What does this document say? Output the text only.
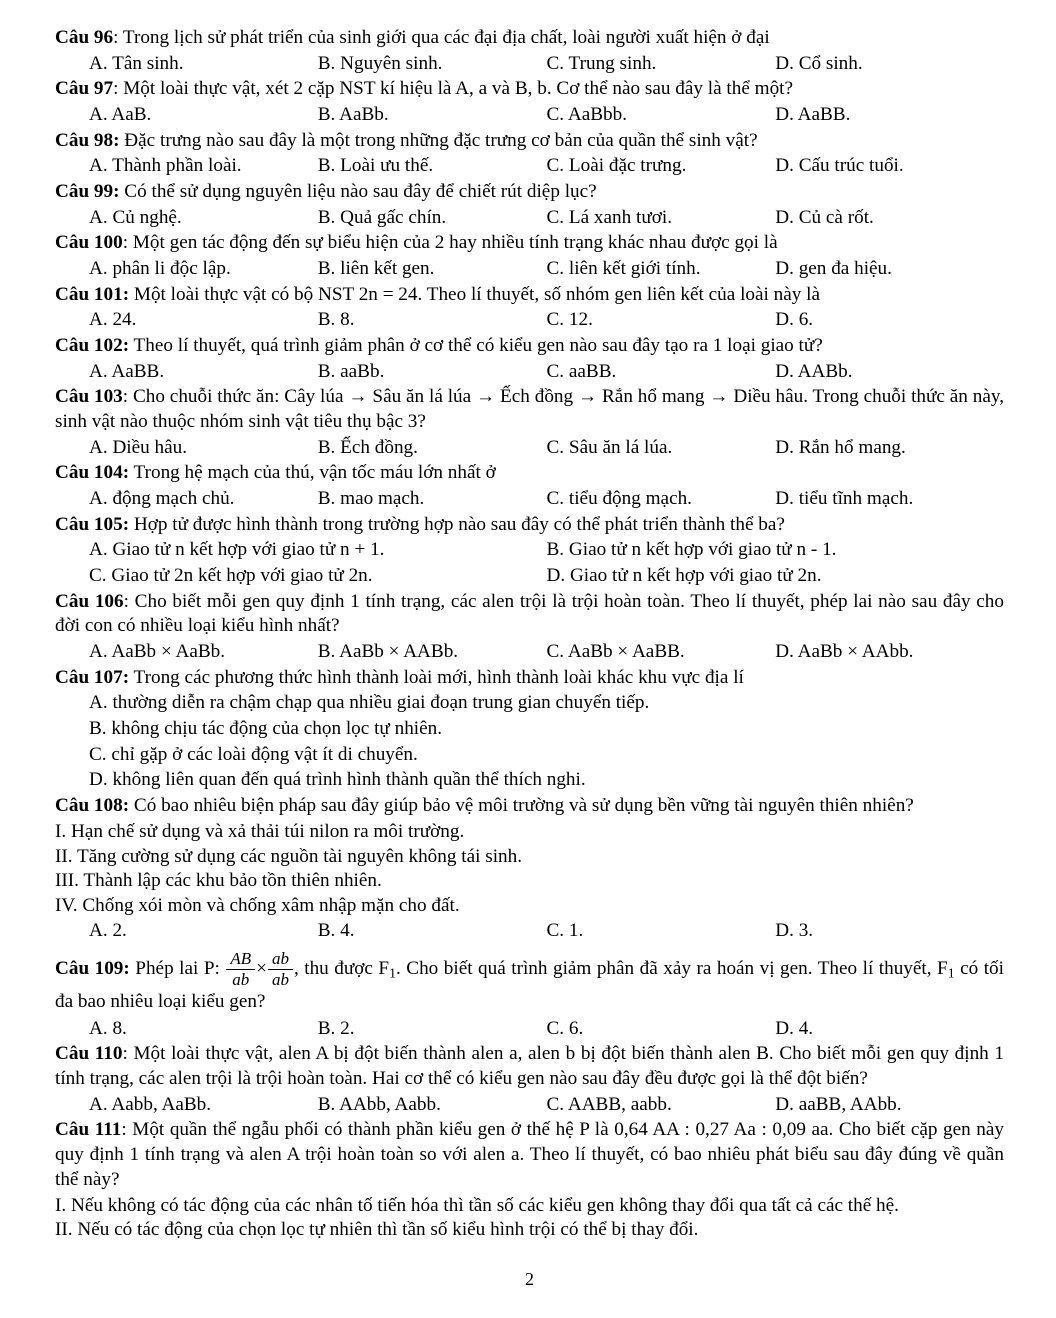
Câu 96: Trong lịch sử phát triển của sinh giới qua các đại địa chất, loài người xuất hiện ở đại

A. Tân sinh.	B. Nguyên sinh.	C. Trung sinh.	D. Cổ sinh.

Câu 97: Một loài thực vật, xét 2 cặp NST kí hiệu là A, a và B, b. Cơ thể nào sau đây là thể một?

A. AaB.	B. AaBb.	C. AaBbb.	D. AaBB.

Câu 98: Đặc trưng nào sau đây là một trong những đặc trưng cơ bản của quần thể sinh vật?

A. Thành phần loài.	B. Loài ưu thế.	C. Loài đặc trưng.	D. Cấu trúc tuổi.

Câu 99: Có thể sử dụng nguyên liệu nào sau đây để chiết rút diệp lục?

A. Củ nghệ.	B. Quả gấc chín.	C. Lá xanh tươi.	D. Củ cà rốt.

Câu 100: Một gen tác động đến sự biểu hiện của 2 hay nhiều tính trạng khác nhau được gọi là

A. phân li độc lập.	B. liên kết gen.	C. liên kết giới tính.	D. gen đa hiệu.

Câu 101: Một loài thực vật có bộ NST 2n = 24. Theo lí thuyết, số nhóm gen liên kết của loài này là

A. 24.	B. 8.	C. 12.	D. 6.

Câu 102: Theo lí thuyết, quá trình giảm phân ở cơ thể có kiểu gen nào sau đây tạo ra 1 loại giao tử?

A. AaBB.	B. aaBb.	C. aaBB.	D. AABb.

Câu 103: Cho chuỗi thức ăn: Cây lúa → Sâu ăn lá lúa → Ếch đồng → Rắn hổ mang → Diều hâu. Trong chuỗi thức ăn này, sinh vật nào thuộc nhóm sinh vật tiêu thụ bậc 3?

A. Diều hâu.	B. Ếch đồng.	C. Sâu ăn lá lúa.	D. Rắn hổ mang.

Câu 104: Trong hệ mạch của thú, vận tốc máu lớn nhất ở

A. động mạch chủ.	B. mao mạch.	C. tiểu động mạch.	D. tiểu tĩnh mạch.

Câu 105: Hợp tử được hình thành trong trường hợp nào sau đây có thể phát triển thành thể ba?

A. Giao tử n kết hợp với giao tử n + 1.	B. Giao tử n kết hợp với giao tử n - 1.
C. Giao tử 2n kết hợp với giao tử 2n.	D. Giao tử n kết hợp với giao tử 2n.

Câu 106: Cho biết mỗi gen quy định 1 tính trạng, các alen trội là trội hoàn toàn. Theo lí thuyết, phép lai nào sau đây cho đời con có nhiều loại kiểu hình nhất?

A. AaBb × AaBb.	B. AaBb × AABb.	C. AaBb × AaBB.	D. AaBb × AAbb.

Câu 107: Trong các phương thức hình thành loài mới, hình thành loài khác khu vực địa lí

A. thường diễn ra chậm chạp qua nhiều giai đoạn trung gian chuyển tiếp.
B. không chịu tác động của chọn lọc tự nhiên.
C. chỉ gặp ở các loài động vật ít di chuyển.
D. không liên quan đến quá trình hình thành quần thể thích nghi.

Câu 108: Có bao nhiêu biện pháp sau đây giúp bảo vệ môi trường và sử dụng bền vững tài nguyên thiên nhiên?

I. Hạn chế sử dụng và xả thải túi nilon ra môi trường.

II. Tăng cường sử dụng các nguồn tài nguyên không tái sinh.

III. Thành lập các khu bảo tồn thiên nhiên.

IV. Chống xói mòn và chống xâm nhập mặn cho đất.

A. 2.	B. 4.	C. 1.	D. 3.

Câu 109: Phép lai P: $\frac{AB}{ab} \times \frac{ab}{ab}$ , thu được $F_1$. Cho biết quá trình giảm phân đã xảy ra hoán vị gen. Theo lí thuyết, $F_1$ có tối đa bao nhiêu loại kiểu gen?

A. 8.	B. 2.	C. 6.	D. 4.

Câu 110: Một loài thực vật, alen A bị đột biến thành alen a, alen b bị đột biến thành alen B. Cho biết mỗi gen quy định 1 tính trạng, các alen trội là trội hoàn toàn. Hai cơ thể có kiểu gen nào sau đây đều được gọi là thể đột biến?

A. Aabb, AaBb.	B. AAbb, Aabb.	C. AABB, aabb.	D. aaBB, AAbb.

Câu 111: Một quần thể ngẫu phối có thành phần kiểu gen ở thế hệ P là 0,64 AA : 0,27 Aa : 0,09 aa. Cho biết cặp gen này quy định 1 tính trạng và alen A trội hoàn toàn so với alen a. Theo lí thuyết, có bao nhiêu phát biểu sau đây đúng về quần thể này?

I. Nếu không có tác động của các nhân tố tiến hóa thì tần số các kiểu gen không thay đổi qua tất cả các thế hệ.

II. Nếu có tác động của chọn lọc tự nhiên thì tần số kiểu hình trội có thể bị thay đổi.

2
